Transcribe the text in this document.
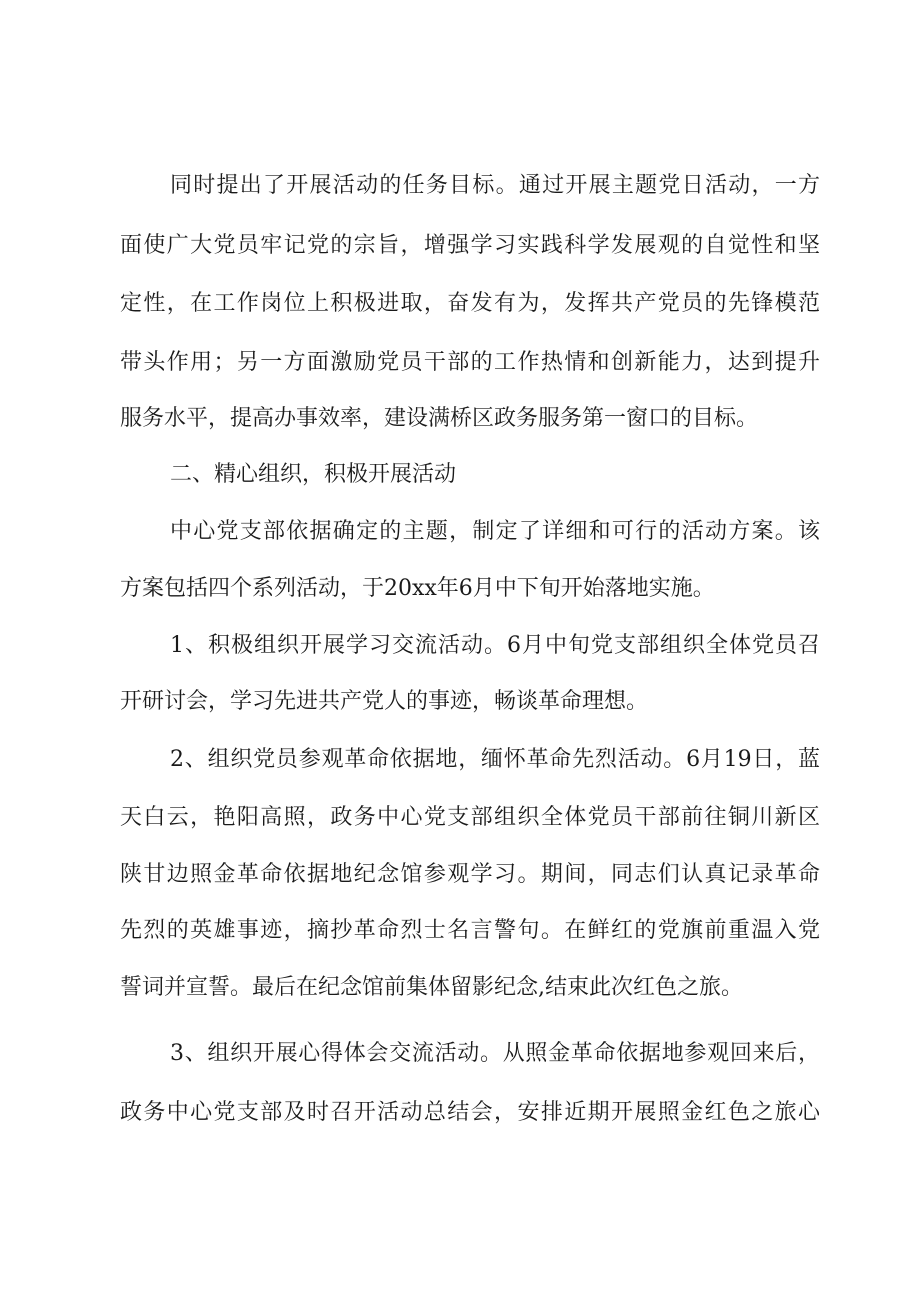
同时提出了开展活动的任务目标。通过开展主题党日活动，一方
面使广大党员牢记党的宗旨，增强学习实践科学发展观的自觉性和坚
定性，在工作岗位上积极进取，奋发有为，发挥共产党员的先锋模范
带头作用；另一方面激励党员干部的工作热情和创新能力，达到提升
服务水平，提高办事效率，建设满桥区政务服务第一窗口的目标。
二、精心组织，积极开展活动
中心党支部依据确定的主题，制定了详细和可行的活动方案。该
方案包括四个系列活动，于20xx年6月中下旬开始落地实施。
1、积极组织开展学习交流活动。6月中旬党支部组织全体党员召
开研讨会，学习先进共产党人的事迹，畅谈革命理想。
2、组织党员参观革命依据地，缅怀革命先烈活动。6月19日，蓝
天白云，艳阳高照，政务中心党支部组织全体党员干部前往铜川新区
陕甘边照金革命依据地纪念馆参观学习。期间，同志们认真记录革命
先烈的英雄事迹，摘抄革命烈士名言警句。在鲜红的党旗前重温入党
誓词并宣誓。最后在纪念馆前集体留影纪念,结束此次红色之旅。
3、组织开展心得体会交流活动。从照金革命依据地参观回来后，
政务中心党支部及时召开活动总结会，安排近期开展照金红色之旅心
